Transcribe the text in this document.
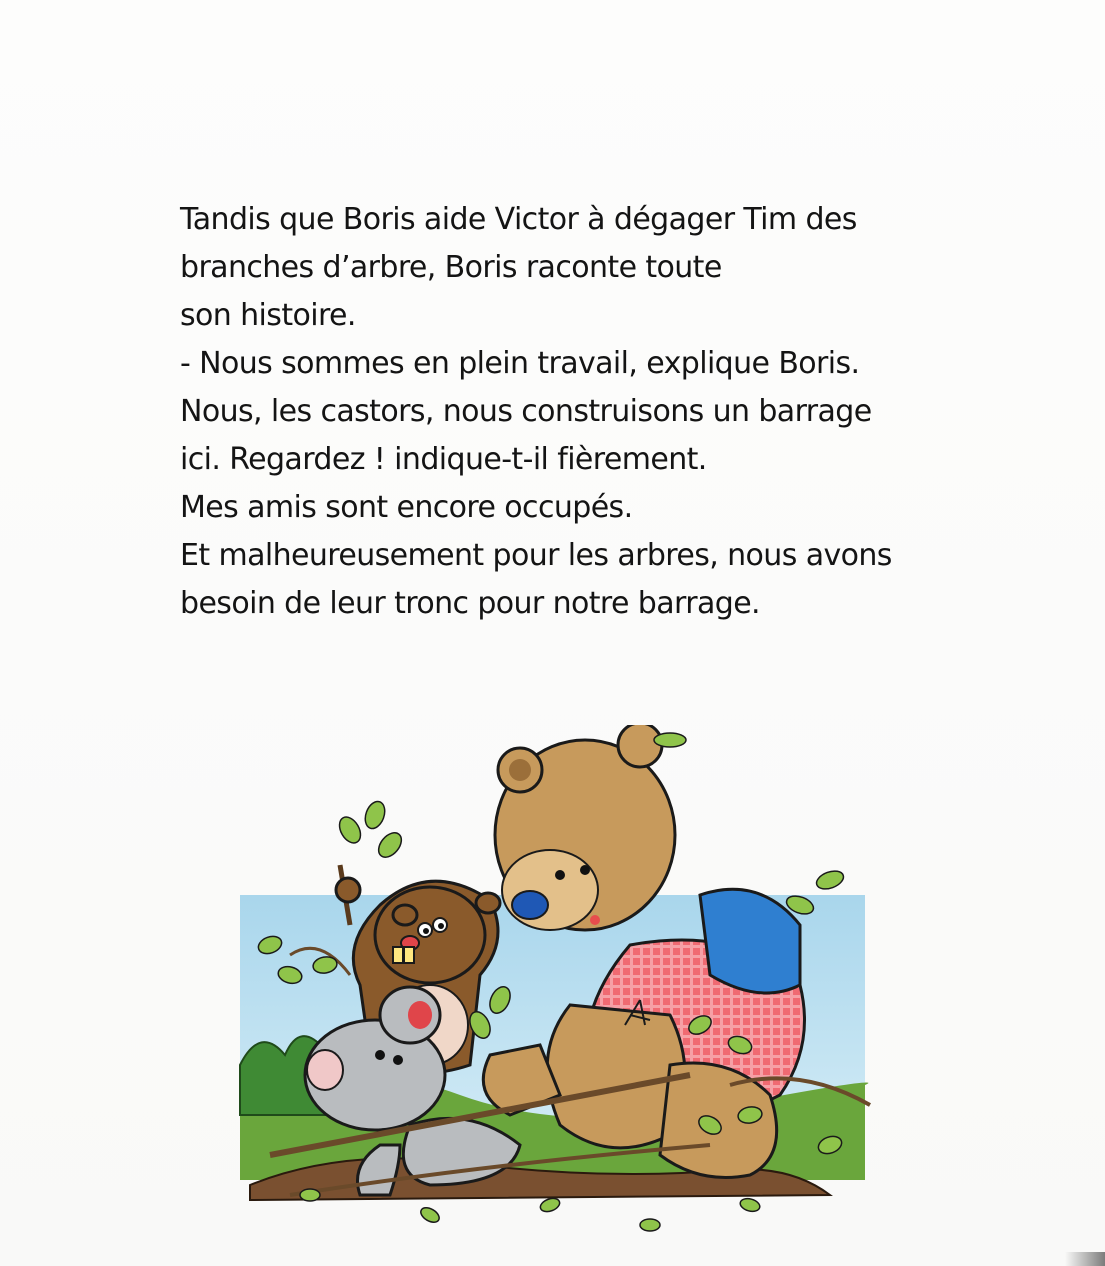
Tandis que Boris aide Victor à dégager Tim des
branches d’arbre, Boris raconte toute
son histoire.
- Nous sommes en plein travail, explique Boris.
Nous, les castors, nous construisons un barrage
ici. Regardez ! indique-t-il fièrement.
Mes amis sont encore occupés.
Et malheureusement pour les arbres, nous avons
besoin de leur tronc pour notre barrage.
